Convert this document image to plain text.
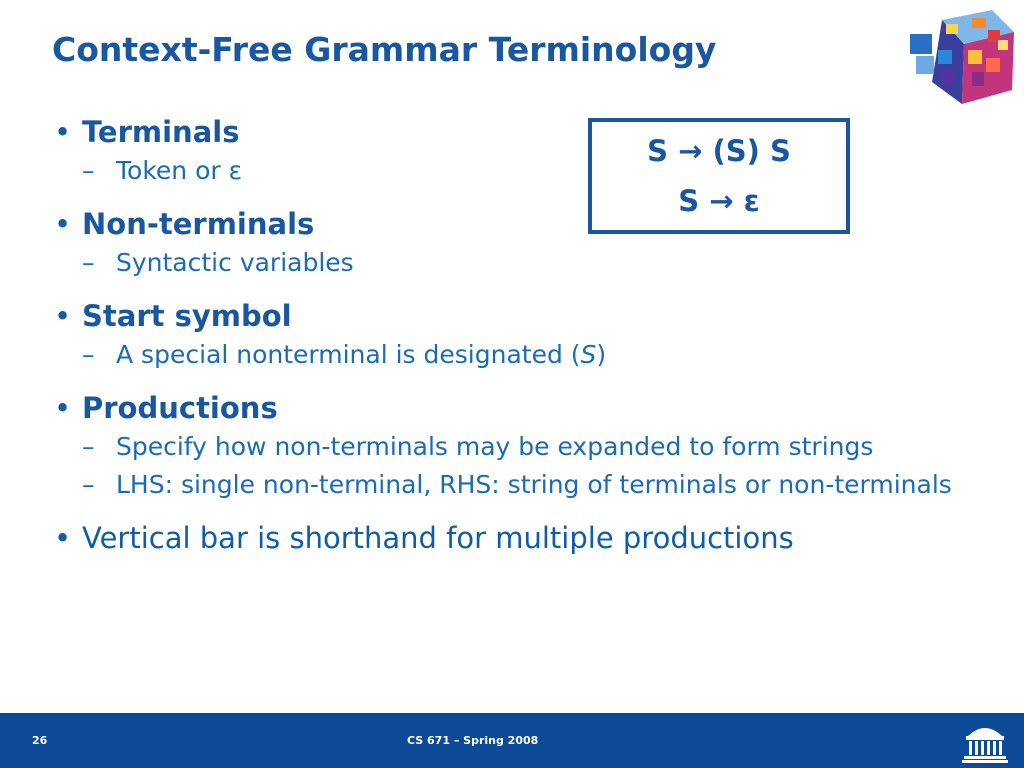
Context-Free Grammar Terminology
• Terminals
– Token or ε
• Non-terminals
– Syntactic variables
• Start symbol
– A special nonterminal is designated (S)
• Productions
– Specify how non-terminals may be expanded to form strings
– LHS: single non-terminal, RHS: string of terminals or non-terminals
• Vertical bar is shorthand for multiple productions
S → (S) S
S → ε
26	CS 671 – Spring 2008
